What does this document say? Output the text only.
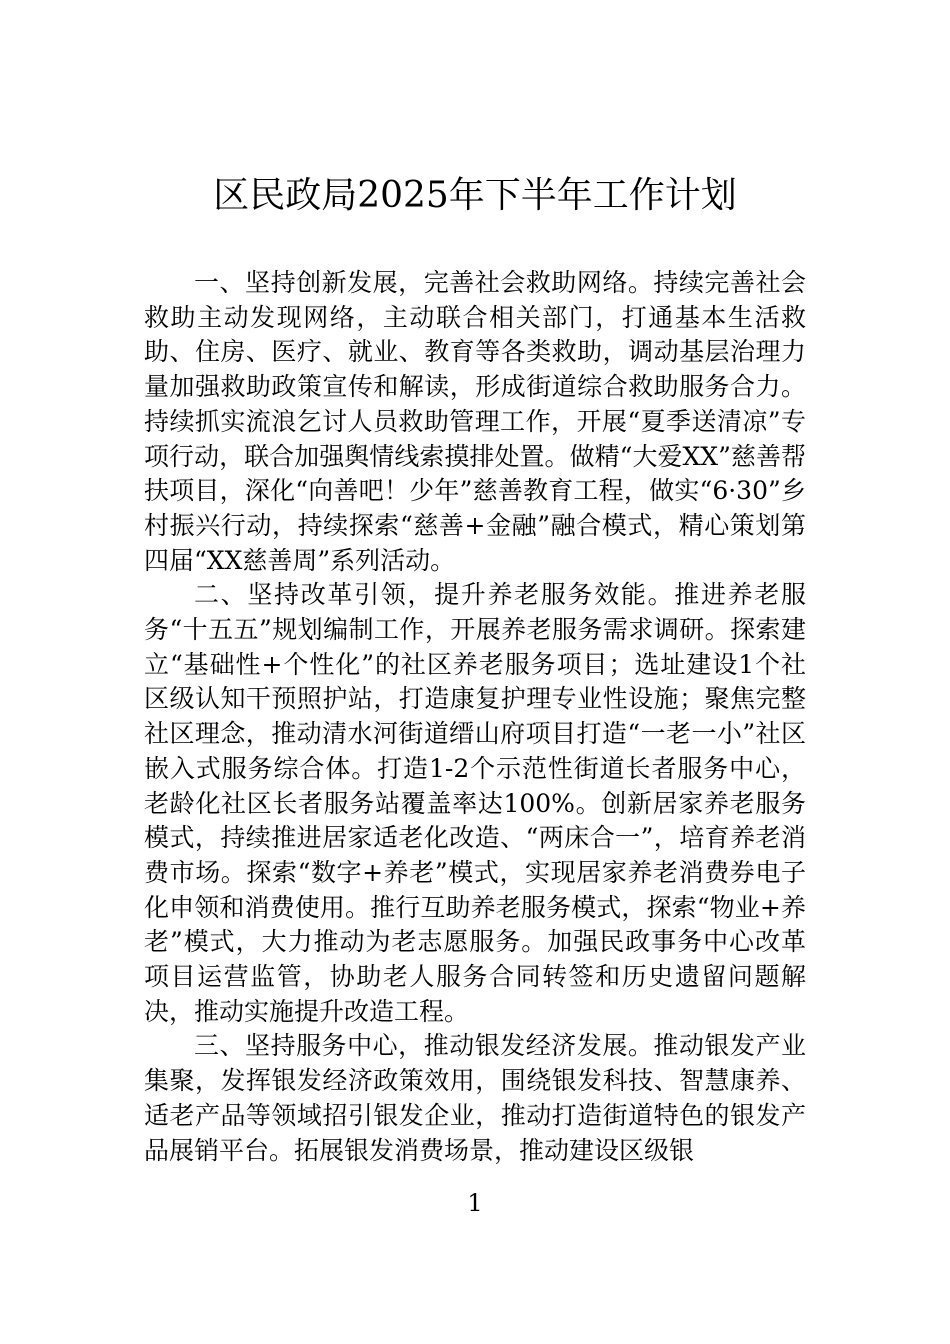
区民政局2025年下半年工作计划

一、坚持创新发展，完善社会救助网络。持续完善社会救助主动发现网络，主动联合相关部门，打通基本生活救助、住房、医疗、就业、教育等各类救助，调动基层治理力量加强救助政策宣传和解读，形成街道综合救助服务合力。持续抓实流浪乞讨人员救助管理工作，开展“夏季送清凉”专项行动，联合加强舆情线索摸排处置。做精“大爱XX”慈善帮扶项目，深化“向善吧！少年”慈善教育工程，做实“6·30”乡村振兴行动，持续探索“慈善+金融”融合模式，精心策划第四届“XX慈善周”系列活动。

二、坚持改革引领，提升养老服务效能。推进养老服务“十五五”规划编制工作，开展养老服务需求调研。探索建立“基础性+个性化”的社区养老服务项目；选址建设1个社区级认知干预照护站，打造康复护理专业性设施；聚焦完整社区理念，推动清水河街道缙山府项目打造“一老一小”社区嵌入式服务综合体。打造1-2个示范性街道长者服务中心，老龄化社区长者服务站覆盖率达100%。创新居家养老服务模式，持续推进居家适老化改造、“两床合一”，培育养老消费市场。探索“数字+养老”模式，实现居家养老消费券电子化申领和消费使用。推行互助养老服务模式，探索“物业+养老”模式，大力推动为老志愿服务。加强民政事务中心改革项目运营监管，协助老人服务合同转签和历史遗留问题解决，推动实施提升改造工程。

三、坚持服务中心，推动银发经济发展。推动银发产业集聚，发挥银发经济政策效用，围绕银发科技、智慧康养、适老产品等领域招引银发企业，推动打造街道特色的银发产品展销平台。拓展银发消费场景，推动建设区级银

1
